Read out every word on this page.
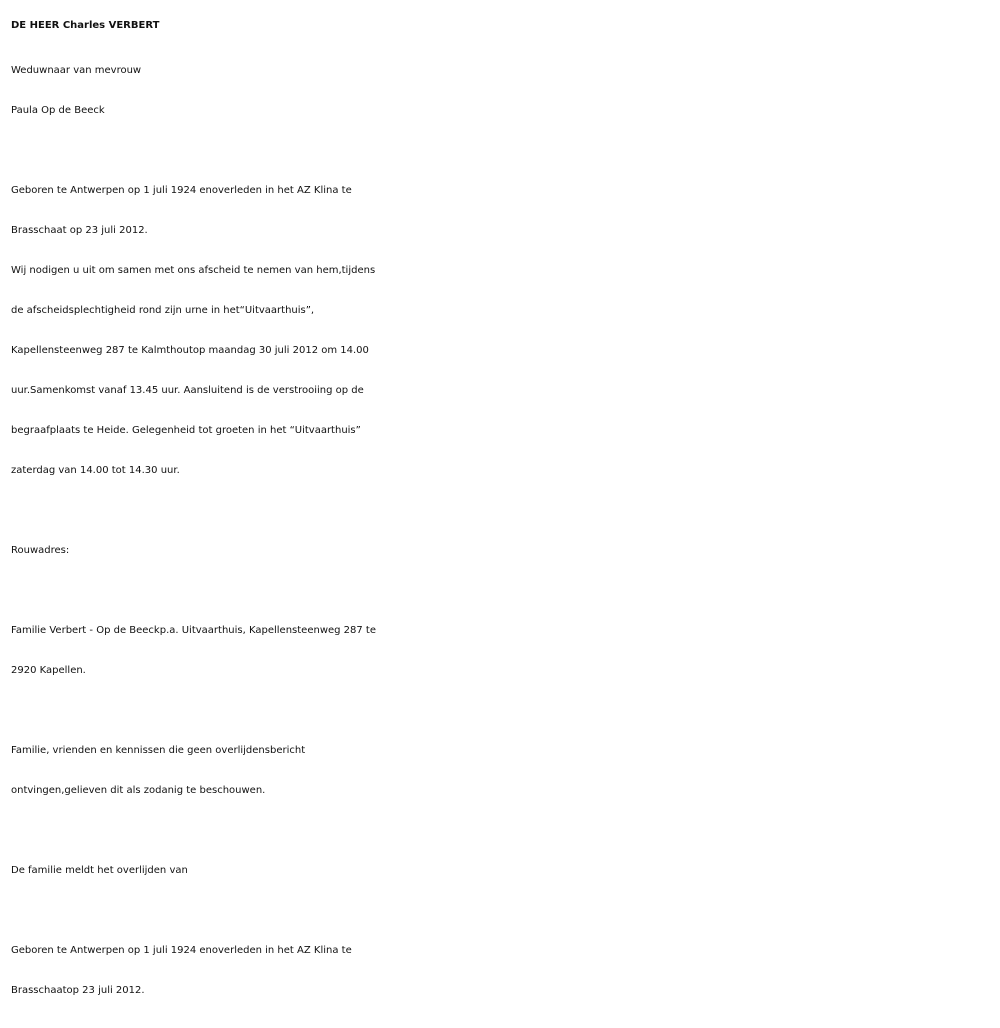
DE HEER Charles VERBERT

Weduwnaar van mevrouw

Paula Op de Beeck

Geboren te Antwerpen op 1 juli 1924 enoverleden in het AZ Klina te

Brasschaat op 23 juli 2012.

Wij nodigen u uit om samen met ons afscheid te nemen van hem,tijdens

de afscheidsplechtigheid rond zijn urne in het“Uitvaarthuis”,

Kapellensteenweg 287 te Kalmthoutop maandag 30 juli 2012 om 14.00

uur.Samenkomst vanaf 13.45 uur. Aansluitend is de verstrooiing op de

begraafplaats te Heide. Gelegenheid tot groeten in het “Uitvaarthuis”

zaterdag van 14.00 tot 14.30 uur.

Rouwadres:

Familie Verbert - Op de Beeckp.a. Uitvaarthuis, Kapellensteenweg 287 te

2920 Kapellen.

Familie, vrienden en kennissen die geen overlijdensbericht

ontvingen,gelieven dit als zodanig te beschouwen.

De familie meldt het overlijden van

Geboren te Antwerpen op 1 juli 1924 enoverleden in het AZ Klina te

Brasschaatop 23 juli 2012.
